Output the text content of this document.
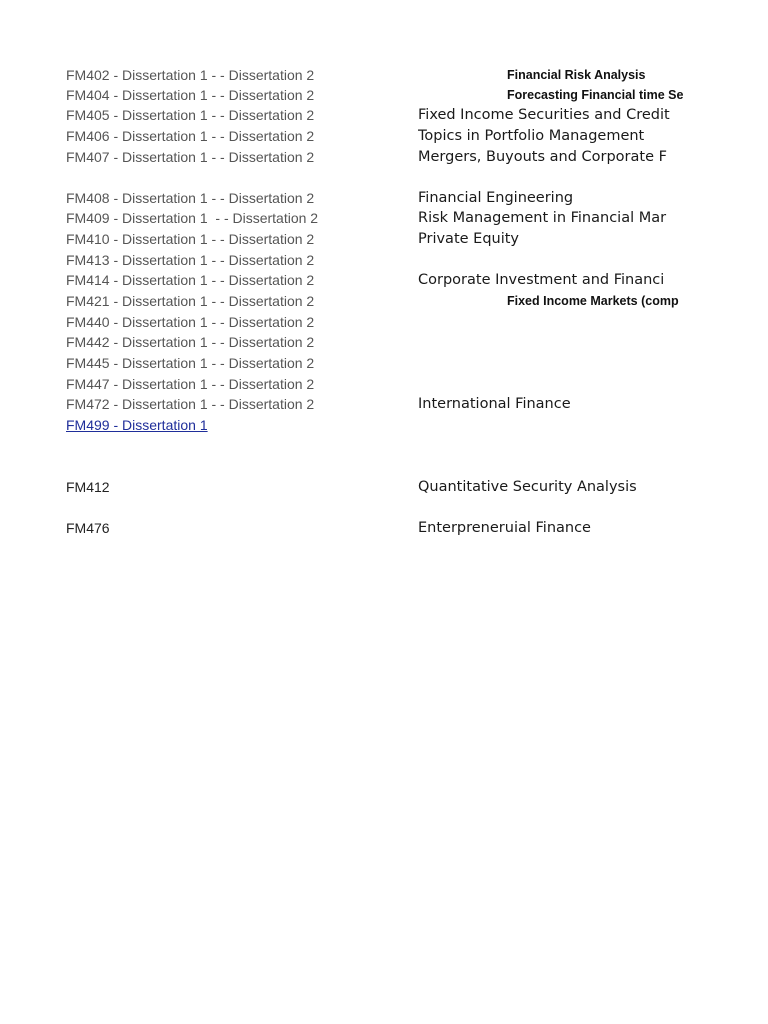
FM402 - Dissertation 1 - - Dissertation 2	Financial Risk Analysis
FM404 - Dissertation 1 - - Dissertation 2	Forecasting Financial time Se
FM405 - Dissertation 1 - - Dissertation 2	Fixed Income Securities and Credit
FM406 - Dissertation 1 - - Dissertation 2	Topics in Portfolio Management
FM407 - Dissertation 1 - - Dissertation 2	Mergers, Buyouts and Corporate F
FM408 - Dissertation 1 - - Dissertation 2	Financial Engineering
FM409 - Dissertation 1  - - Dissertation 2	Risk Management in Financial Mar
FM410 - Dissertation 1 - - Dissertation 2	Private Equity
FM413 - Dissertation 1 - - Dissertation 2
FM414 - Dissertation 1 - - Dissertation 2	Corporate Investment and Financi
FM421 - Dissertation 1 - - Dissertation 2	Fixed Income Markets (comp
FM440 - Dissertation 1 - - Dissertation 2
FM442 - Dissertation 1 - - Dissertation 2
FM445 - Dissertation 1 - - Dissertation 2
FM447 - Dissertation 1 - - Dissertation 2
FM472 - Dissertation 1 - - Dissertation 2	International Finance
FM499 - Dissertation 1
FM412	Quantitative Security Analysis
FM476	Enterpreneruial Finance
